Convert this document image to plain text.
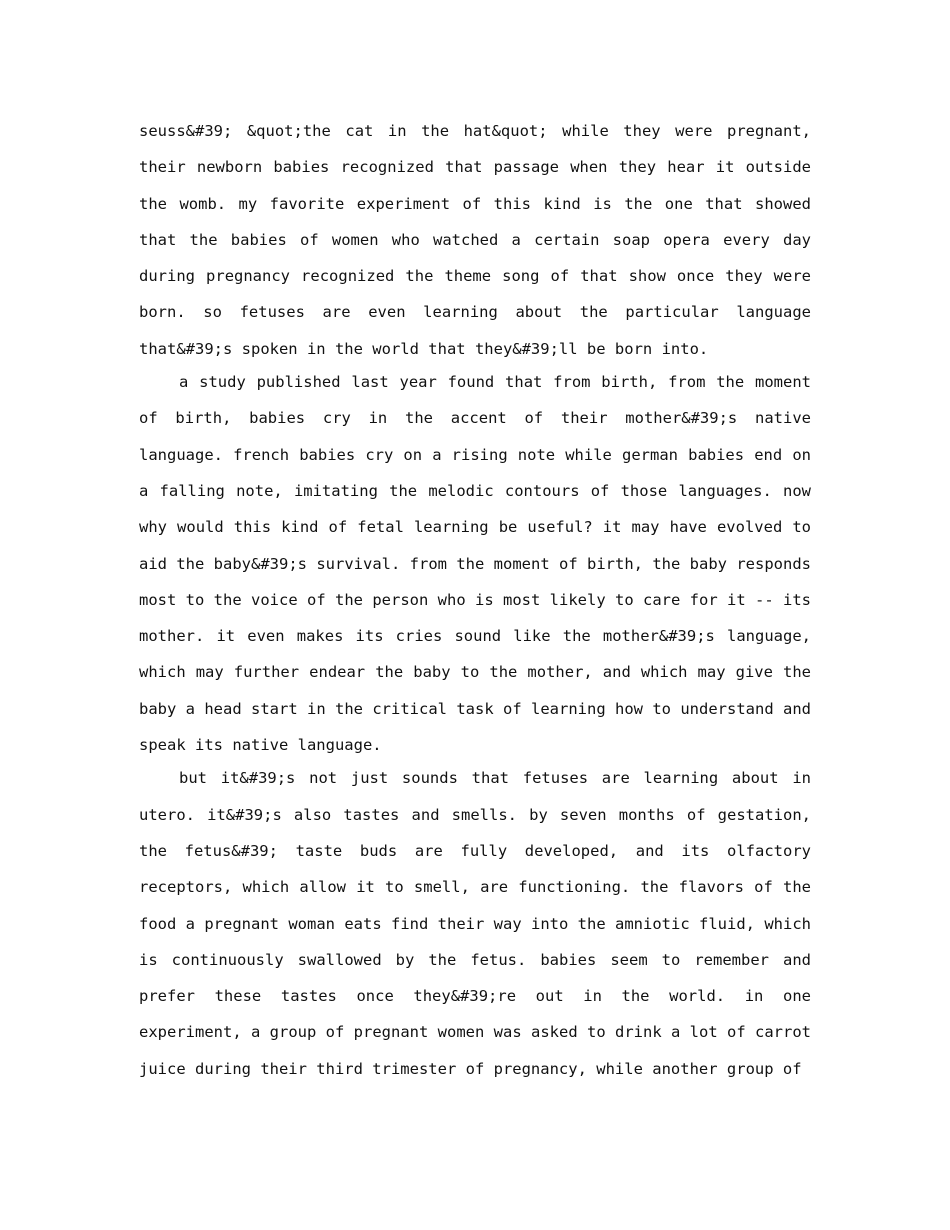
seuss&#39; &quot;the cat in the hat&quot; while they were pregnant, their newborn babies recognized that passage when they hear it outside the womb. my favorite experiment of this kind is the one that showed that the babies of women who watched a certain soap opera every day during pregnancy recognized the theme song of that show once they were born. so fetuses are even learning about the particular language that&#39;s spoken in the world that they&#39;ll be born into.

a study published last year found that from birth, from the moment of birth, babies cry in the accent of their mother&#39;s native language. french babies cry on a rising note while german babies end on a falling note, imitating the melodic contours of those languages. now why would this kind of fetal learning be useful? it may have evolved to aid the baby&#39;s survival. from the moment of birth, the baby responds most to the voice of the person who is most likely to care for it -- its mother. it even makes its cries sound like the mother&#39;s language, which may further endear the baby to the mother, and which may give the baby a head start in the critical task of learning how to understand and speak its native language.

but it&#39;s not just sounds that fetuses are learning about in utero. it&#39;s also tastes and smells. by seven months of gestation, the fetus&#39; taste buds are fully developed, and its olfactory receptors, which allow it to smell, are functioning. the flavors of the food a pregnant woman eats find their way into the amniotic fluid, which is continuously swallowed by the fetus. babies seem to remember and prefer these tastes once they&#39;re out in the world. in one experiment, a group of pregnant women was asked to drink a lot of carrot juice during their third trimester of pregnancy, while another group of
